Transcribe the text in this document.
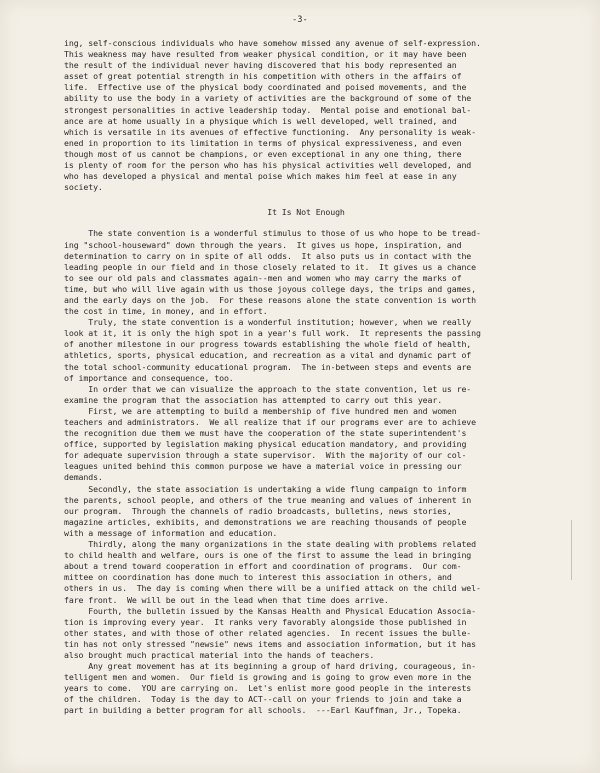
-3-
ing, self-conscious individuals who have somehow missed any avenue of self-expression.
This weakness may have resulted from weaker physical condition, or it may have been
the result of the individual never having discovered that his body represented an
asset of great potential strength in his competition with others in the affairs of
life.  Effective use of the physical body coordinated and poised movements, and the
ability to use the body in a variety of activities are the background of some of the
strongest personalities in active leadership today.  Mental poise and emotional bal-
ance are at home usually in a physique which is well developed, well trained, and
which is versatile in its avenues of effective functioning.  Any personality is weak-
ened in proportion to its limitation in terms of physical expressiveness, and even
though most of us cannot be champions, or even exceptional in any one thing, there
is plenty of room for the person who has his physical activities well developed, and
who has developed a physical and mental poise which makes him feel at ease in any
society.
It Is Not Enough
The state convention is a wonderful stimulus to those of us who hope to be tread-
ing "school-houseward" down through the years.  It gives us hope, inspiration, and
determination to carry on in spite of all odds.  It also puts us in contact with the
leading people in our field and in those closely related to it.  It gives us a chance
to see our old pals and classmates again--men and women who may carry the marks of
time, but who will live again with us those joyous college days, the trips and games,
and the early days on the job.  For these reasons alone the state convention is worth
the cost in time, in money, and in effort.
Truly, the state convention is a wonderful institution; however, when we really
look at it, it is only the high spot in a year's full work.  It represents the passing
of another milestone in our progress towards establishing the whole field of health,
athletics, sports, physical education, and recreation as a vital and dynamic part of
the total school-community educational program.  The in-between steps and events are
of importance and consequence, too.
In order that we can visualize the approach to the state convention, let us re-
examine the program that the association has attempted to carry out this year.
First, we are attempting to build a membership of five hundred men and women
teachers and administrators.  We all realize that if our programs ever are to achieve
the recognition due them we must have the cooperation of the state superintendent's
office, supported by legislation making physical education mandatory, and providing
for adequate supervision through a state supervisor.  With the majority of our col-
leagues united behind this common purpose we have a material voice in pressing our
demands.
Secondly, the state association is undertaking a wide flung campaign to inform
the parents, school people, and others of the true meaning and values of inherent in
our program.  Through the channels of radio broadcasts, bulletins, news stories,
magazine articles, exhibits, and demonstrations we are reaching thousands of people
with a message of information and education.
Thirdly, along the many organizations in the state dealing with problems related
to child health and welfare, ours is one of the first to assume the lead in bringing
about a trend toward cooperation in effort and coordination of programs.  Our com-
mittee on coordination has done much to interest this association in others, and
others in us.  The day is coming when there will be a unified attack on the child wel-
fare front.  We will be out in the lead when that time does arrive.
Fourth, the bulletin issued by the Kansas Health and Physical Education Associa-
tion is improving every year.  It ranks very favorably alongside those published in
other states, and with those of other related agencies.  In recent issues the bulle-
tin has not only stressed "newsie" news items and association information, but it has
also brought much practical material into the hands of teachers.
Any great movement has at its beginning a group of hard driving, courageous, in-
telligent men and women.  Our field is growing and is going to grow even more in the
years to come.  YOU are carrying on.  Let's enlist more good people in the interests
of the children.  Today is the day to ACT--call on your friends to join and take a
part in building a better program for all schools.  ---Earl Kauffman, Jr., Topeka.
